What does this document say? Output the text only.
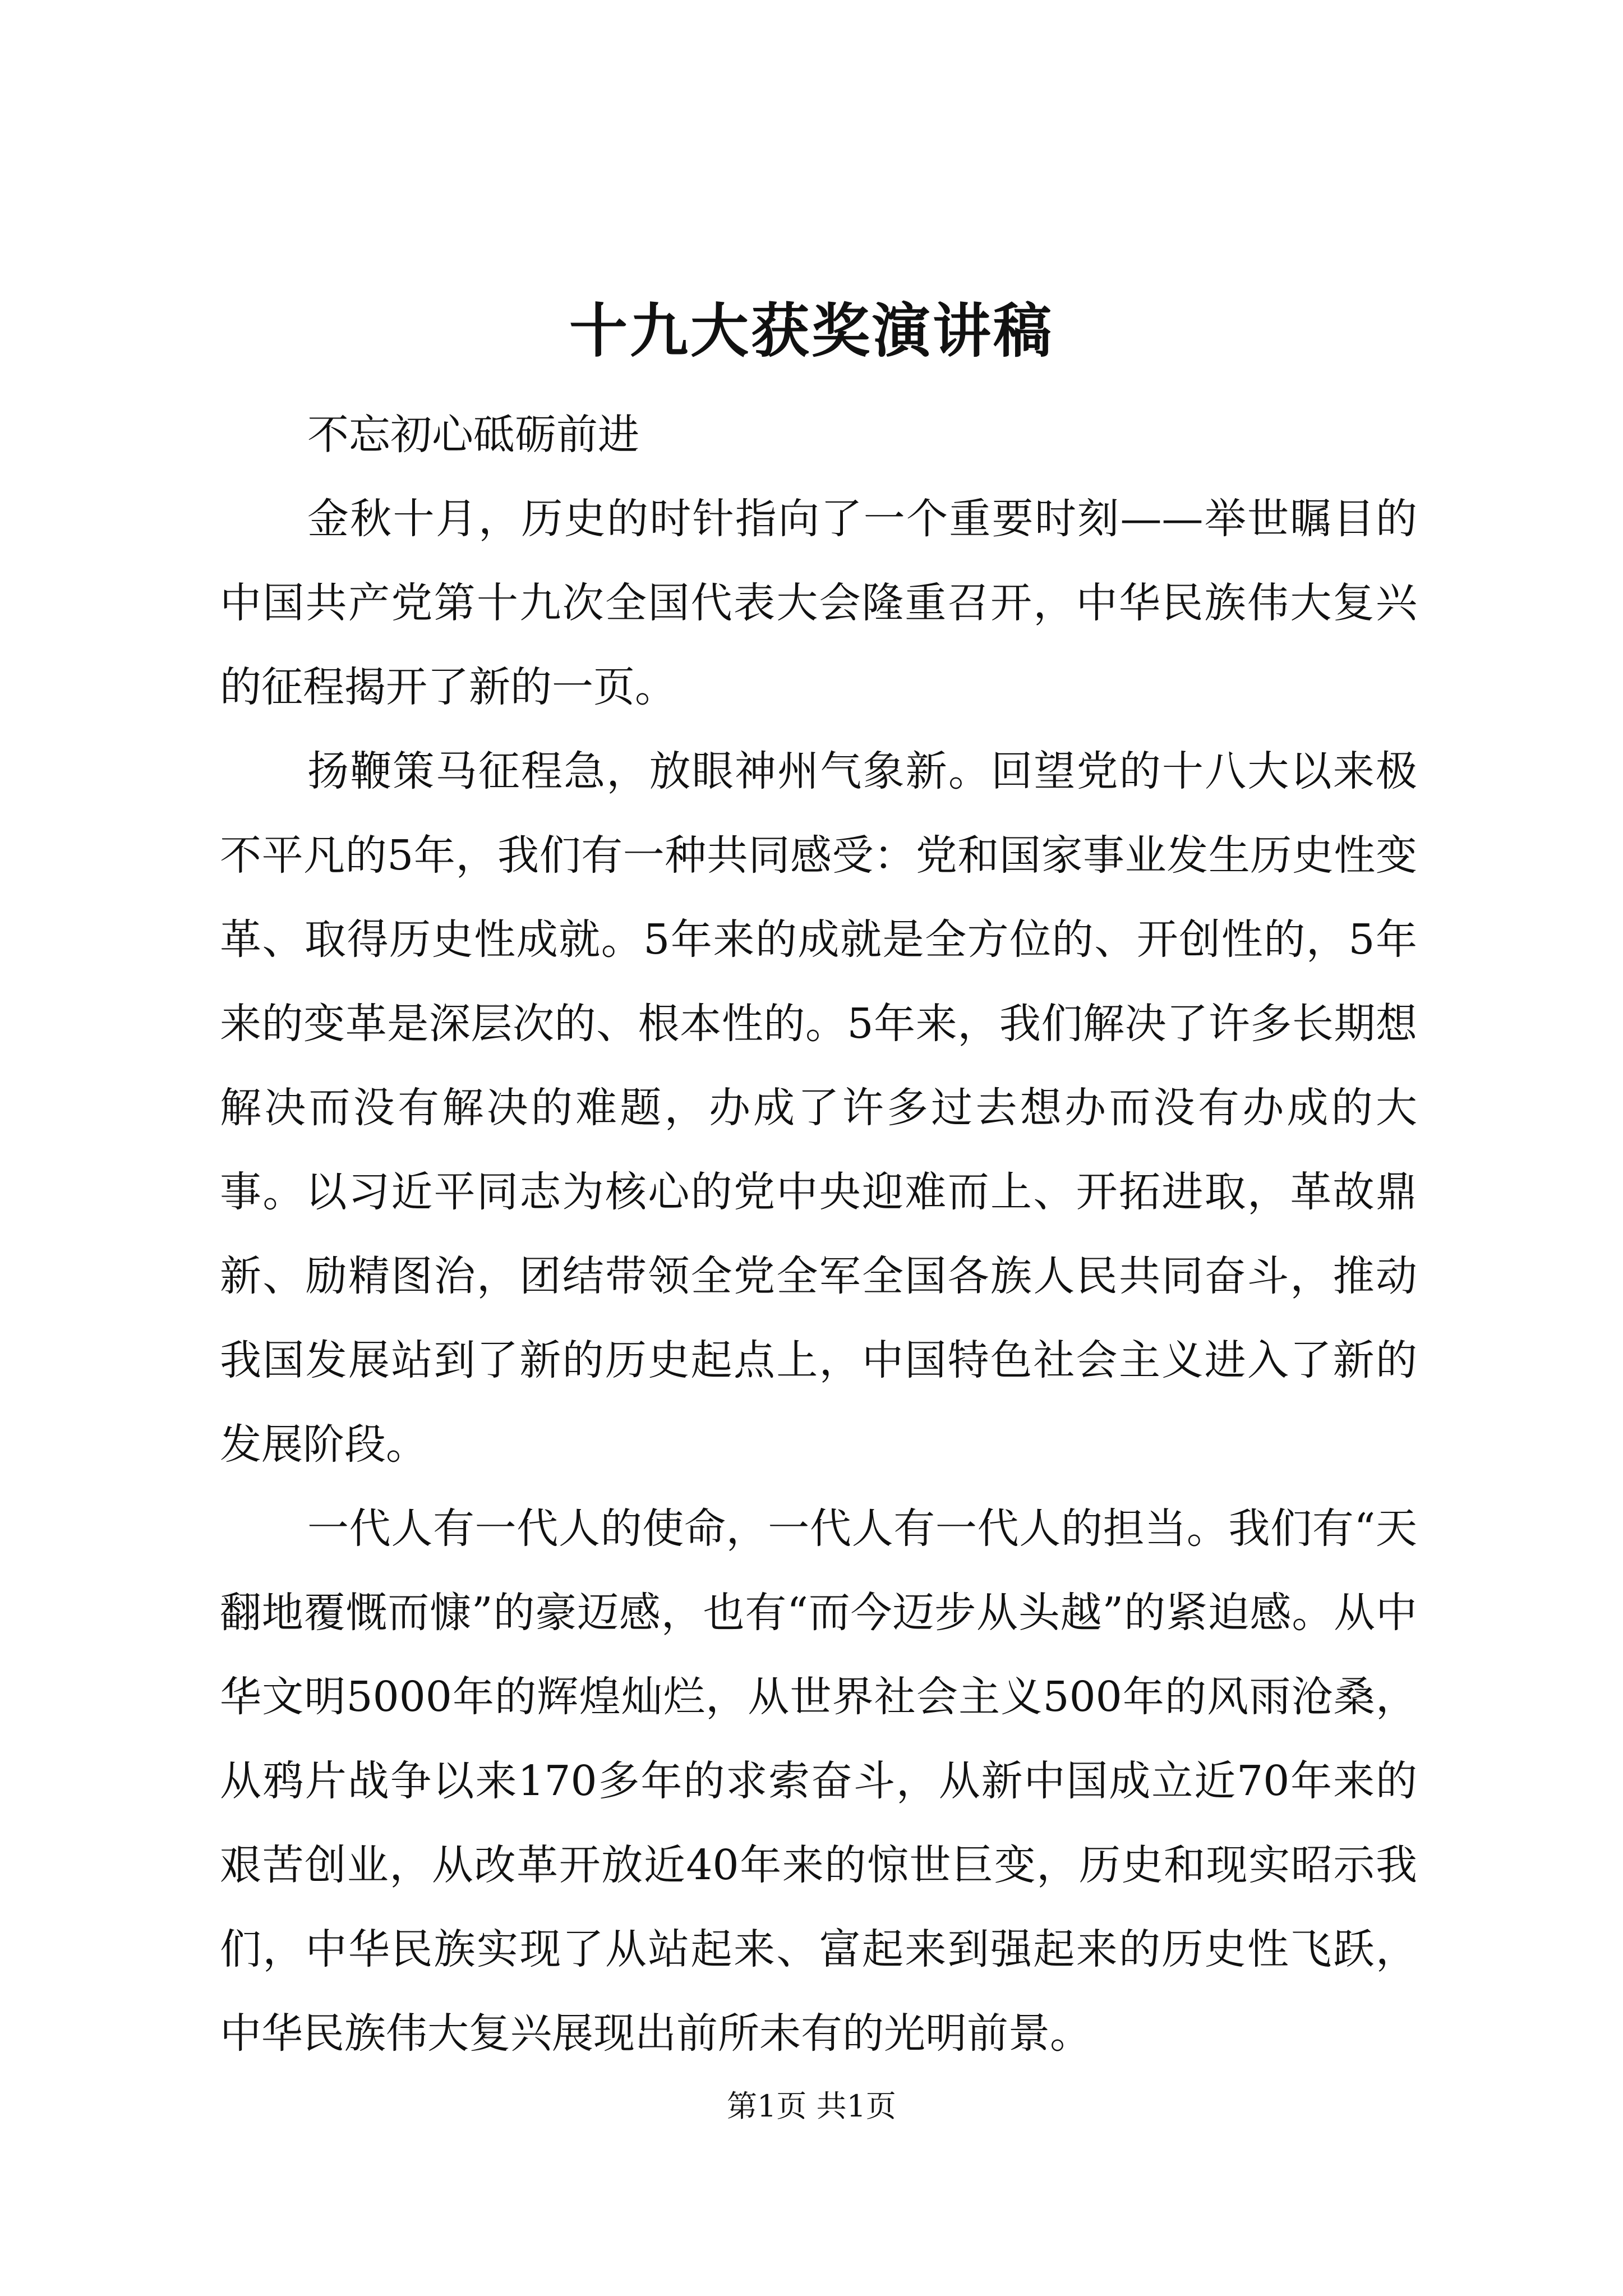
十九大获奖演讲稿

不忘初心砥砺前进

金秋十月，历史的时针指向了一个重要时刻——举世瞩目的中国共产党第十九次全国代表大会隆重召开，中华民族伟大复兴的征程揭开了新的一页。

扬鞭策马征程急，放眼神州气象新。回望党的十八大以来极不平凡的5年，我们有一种共同感受：党和国家事业发生历史性变革、取得历史性成就。5年来的成就是全方位的、开创性的，5年来的变革是深层次的、根本性的。5年来，我们解决了许多长期想解决而没有解决的难题，办成了许多过去想办而没有办成的大事。以习近平同志为核心的党中央迎难而上、开拓进取，革故鼎新、励精图治，团结带领全党全军全国各族人民共同奋斗，推动我国发展站到了新的历史起点上，中国特色社会主义进入了新的发展阶段。

一代人有一代人的使命，一代人有一代人的担当。我们有“天翻地覆慨而慷”的豪迈感，也有“而今迈步从头越”的紧迫感。从中华文明5000年的辉煌灿烂，从世界社会主义500年的风雨沧桑，从鸦片战争以来170多年的求索奋斗，从新中国成立近70年来的艰苦创业，从改革开放近40年来的惊世巨变，历史和现实昭示我们，中华民族实现了从站起来、富起来到强起来的历史性飞跃，中华民族伟大复兴展现出前所未有的光明前景。

第1页 共1页
